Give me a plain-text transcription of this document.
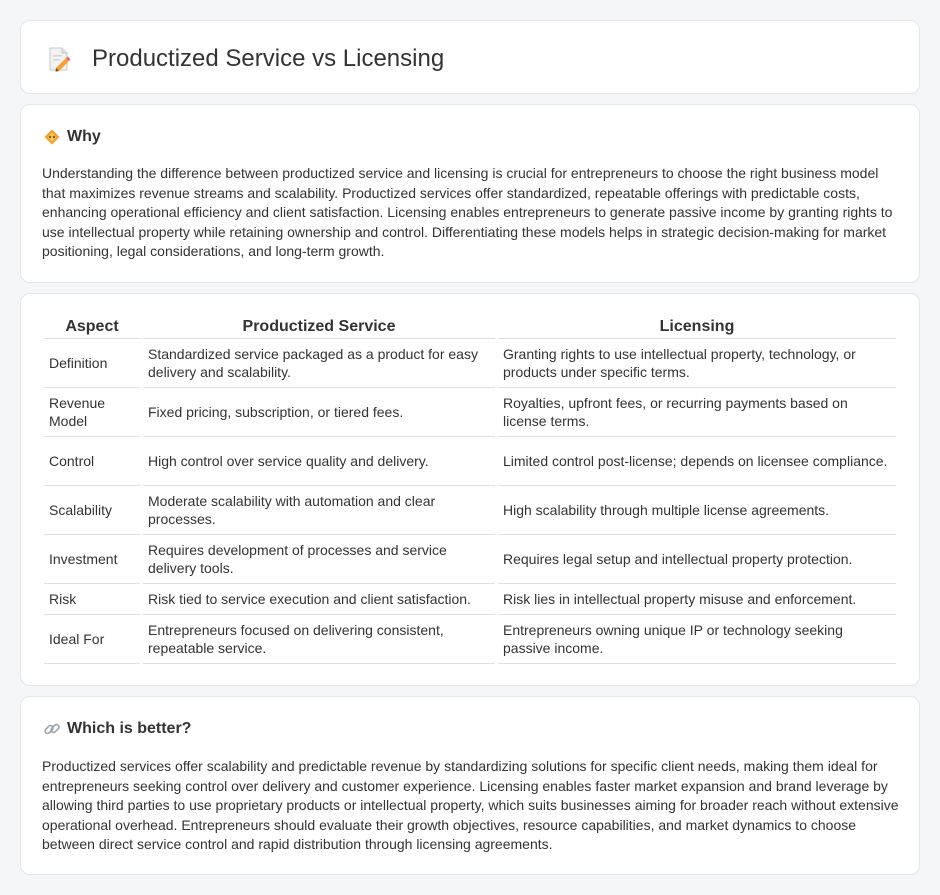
Productized Service vs Licensing
Why

Understanding the difference between productized service and licensing is crucial for entrepreneurs to choose the right business model that maximizes revenue streams and scalability. Productized services offer standardized, repeatable offerings with predictable costs, enhancing operational efficiency and client satisfaction. Licensing enables entrepreneurs to generate passive income by granting rights to use intellectual property while retaining ownership and control. Differentiating these models helps in strategic decision-making for market positioning, legal considerations, and long-term growth.

Aspect	Productized Service	Licensing
Definition	Standardized service packaged as a product for easy delivery and scalability.	Granting rights to use intellectual property, technology, or products under specific terms.
Revenue Model	Fixed pricing, subscription, or tiered fees.	Royalties, upfront fees, or recurring payments based on license terms.
Control	High control over service quality and delivery.	Limited control post-license; depends on licensee compliance.
Scalability	Moderate scalability with automation and clear processes.	High scalability through multiple license agreements.
Investment	Requires development of processes and service delivery tools.	Requires legal setup and intellectual property protection.
Risk	Risk tied to service execution and client satisfaction.	Risk lies in intellectual property misuse and enforcement.
Ideal For	Entrepreneurs focused on delivering consistent, repeatable service.	Entrepreneurs owning unique IP or technology seeking passive income.
Which is better?

Productized services offer scalability and predictable revenue by standardizing solutions for specific client needs, making them ideal for entrepreneurs seeking control over delivery and customer experience. Licensing enables faster market expansion and brand leverage by allowing third parties to use proprietary products or intellectual property, which suits businesses aiming for broader reach without extensive operational overhead. Entrepreneurs should evaluate their growth objectives, resource capabilities, and market dynamics to choose between direct service control and rapid distribution through licensing agreements.
